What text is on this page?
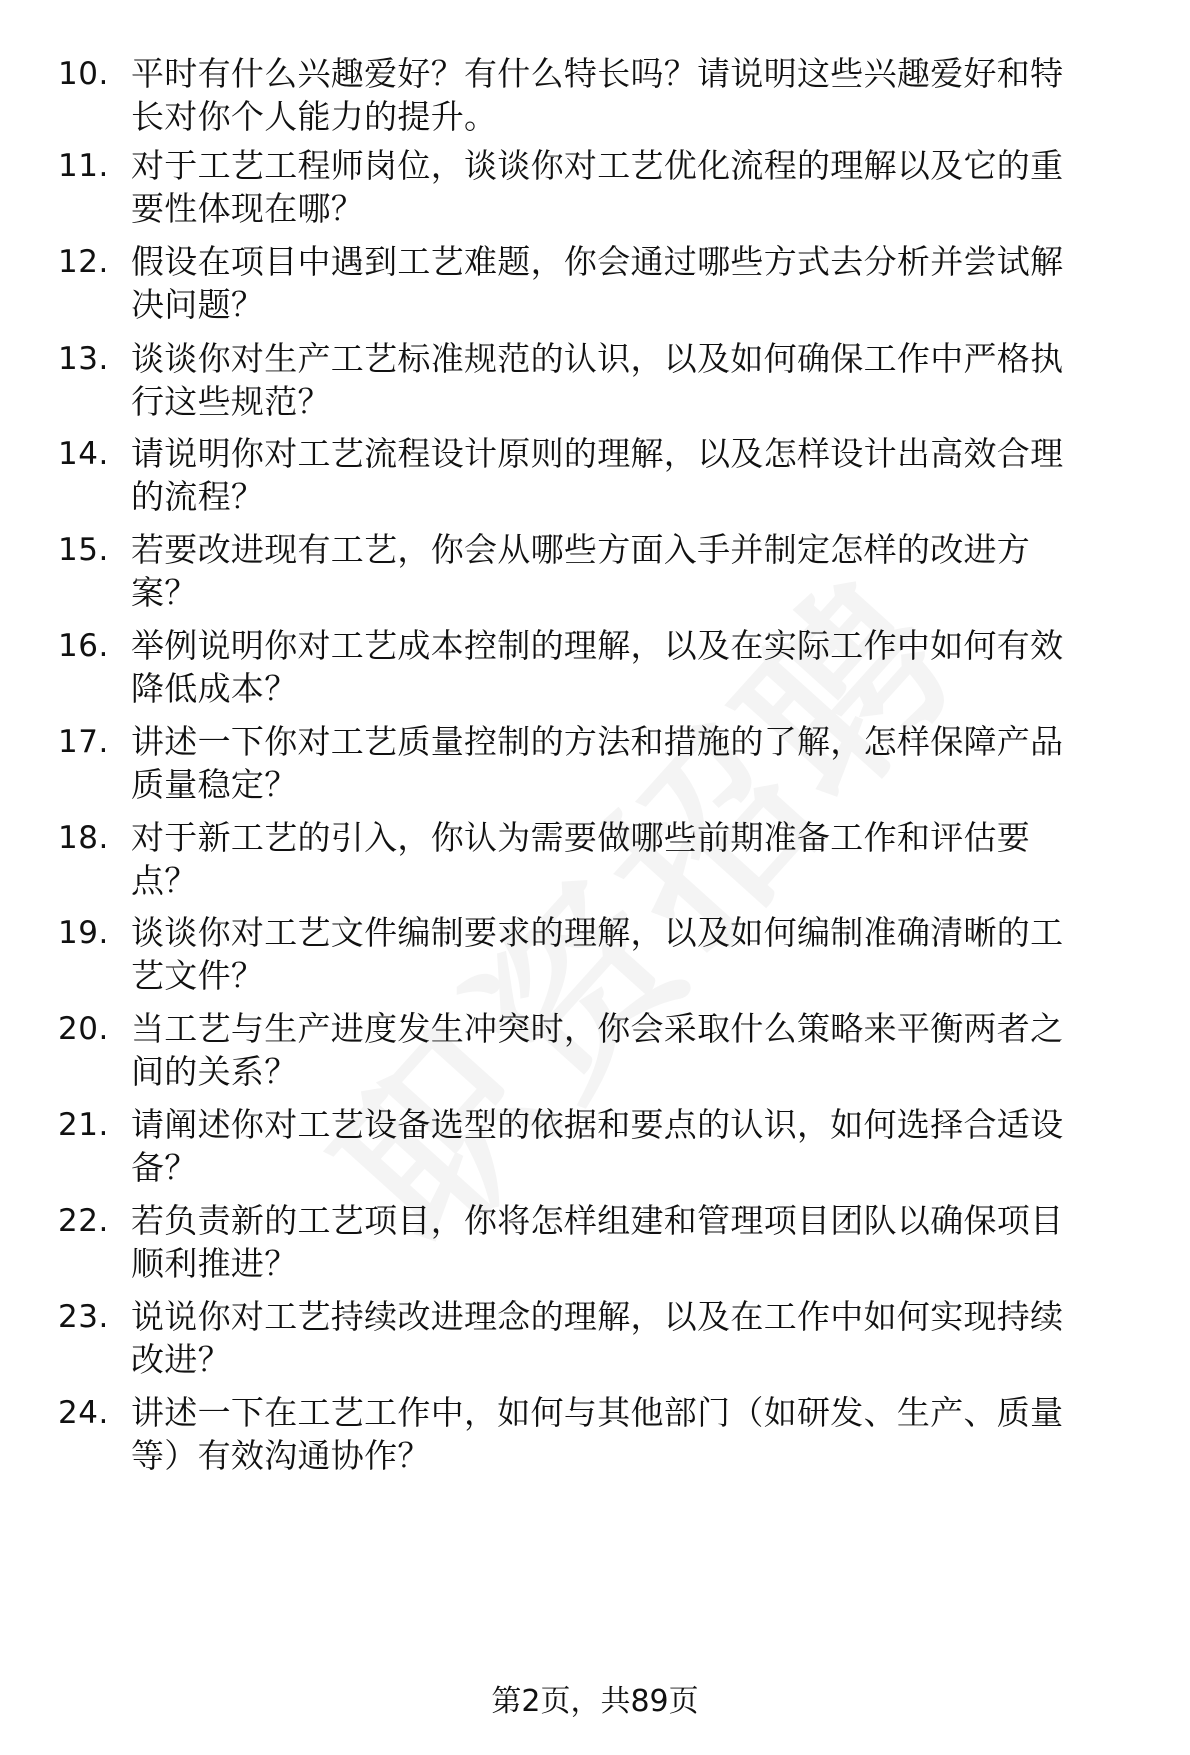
10. 平时有什么兴趣爱好？有什么特长吗？请说明这些兴趣爱好和特
长对你个人能力的提升。
11. 对于工艺工程师岗位，谈谈你对工艺优化流程的理解以及它的重
要性体现在哪？
12. 假设在项目中遇到工艺难题，你会通过哪些方式去分析并尝试解
决问题？
13. 谈谈你对生产工艺标准规范的认识，以及如何确保工作中严格执
行这些规范？
14. 请说明你对工艺流程设计原则的理解，以及怎样设计出高效合理
的流程？
15. 若要改进现有工艺，你会从哪些方面入手并制定怎样的改进方
案？
16. 举例说明你对工艺成本控制的理解，以及在实际工作中如何有效
降低成本？
17. 讲述一下你对工艺质量控制的方法和措施的了解，怎样保障产品
质量稳定？
18. 对于新工艺的引入，你认为需要做哪些前期准备工作和评估要
点？
19. 谈谈你对工艺文件编制要求的理解，以及如何编制准确清晰的工
艺文件？
20. 当工艺与生产进度发生冲突时，你会采取什么策略来平衡两者之
间的关系？
21. 请阐述你对工艺设备选型的依据和要点的认识，如何选择合适设
备？
22. 若负责新的工艺项目，你将怎样组建和管理项目团队以确保项目
顺利推进？
23. 说说你对工艺持续改进理念的理解，以及在工作中如何实现持续
改进？
24. 讲述一下在工艺工作中，如何与其他部门（如研发、生产、质量
等）有效沟通协作？
第2页，共89页
